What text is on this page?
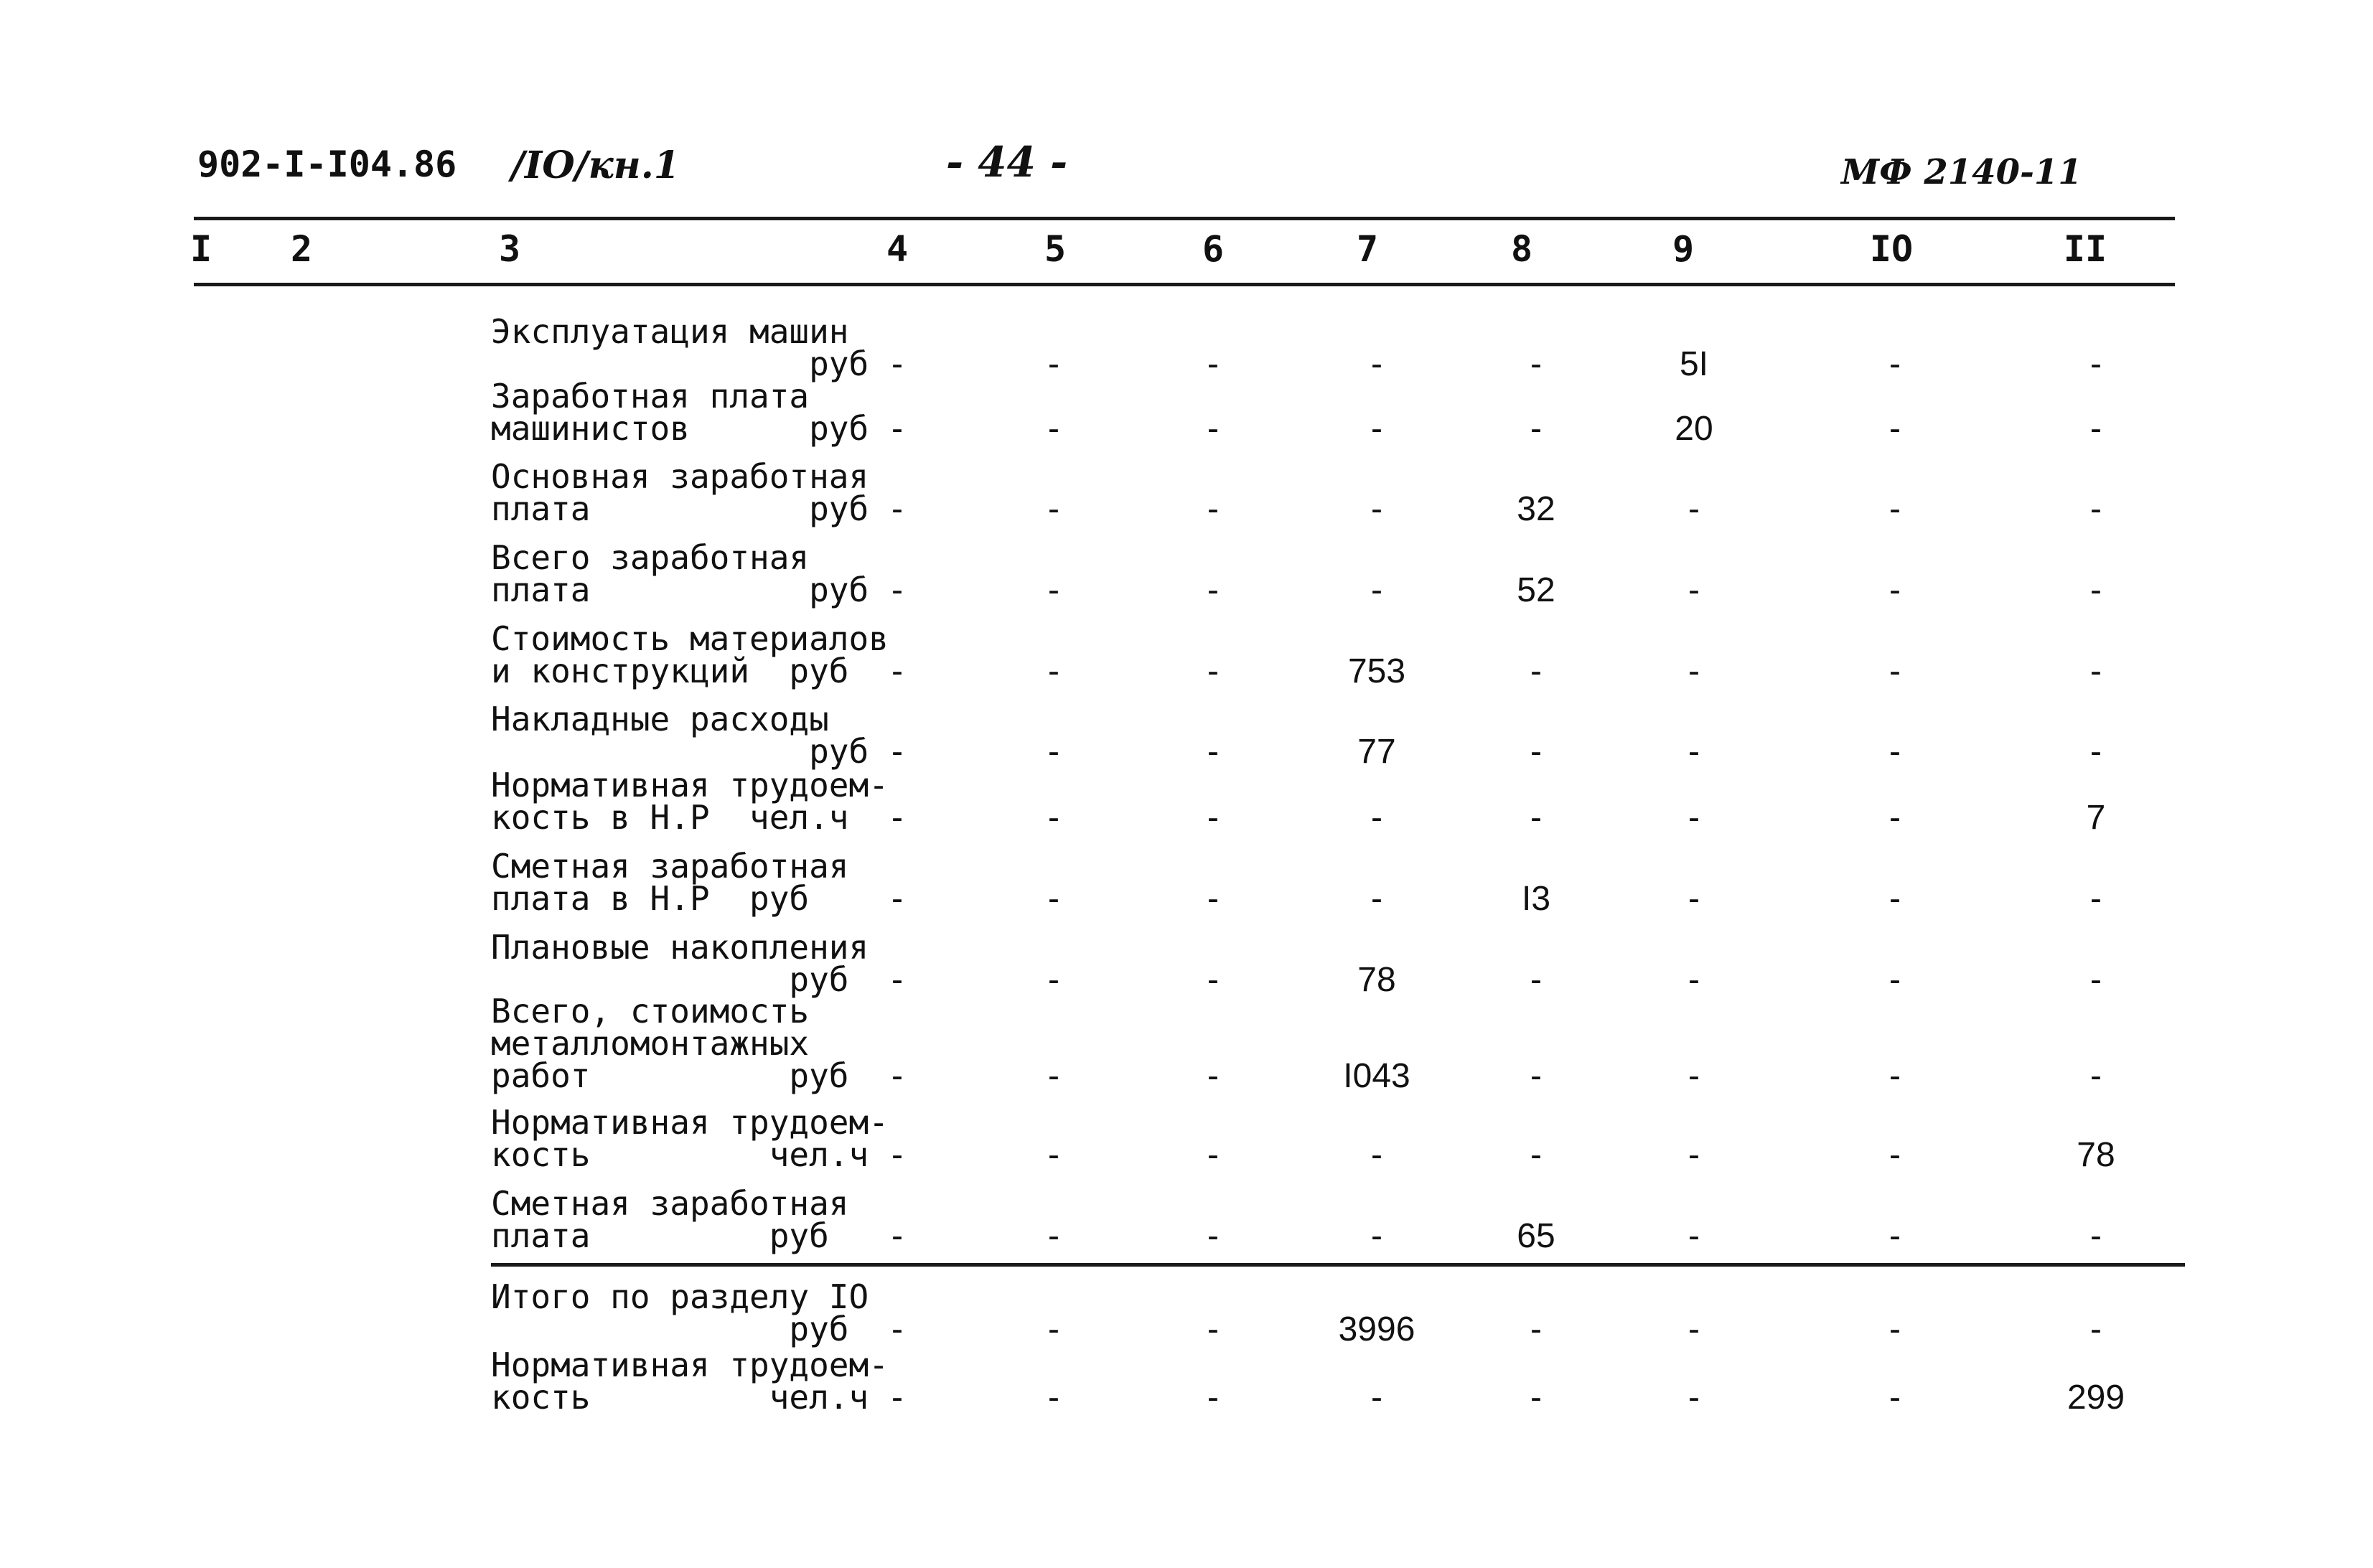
902-I-I04.86 /IO/кн.1	- 44 -	МФ 2140-11
I	2	3	4	5	6	7	8	9	IO	II
Эксплуатация машин
руб -	-	-	-	-	5I	-	-
Заработная плата
машинистов      руб -	-	-	-	-	20	-	-
Основная заработная
плата           руб -	-	-	-	32	-	-	-
Всего заработная
плата           руб -	-	-	-	52	-	-	-
Стоимость материалов
и конструкций  руб	-	-	-	753	-	-	-	-
Накладные расходы
руб -	-	-	77	-	-	-	-
Нормативная трудоем-
кость в Н.Р  чел.ч	-	-	-	-	-	-	-	7
Сметная заработная
плата в Н.Р  руб	-	-	-	-	I3	-	-	-
Плановые накопления
руб	-	-	-	78	-	-	-	-
Всего, стоимость
металломонтажных
работ          руб	-	-	-	I043	-	-	-	-
Нормативная трудоем-
кость         чел.ч -	-	-	-	-	-	-	78
Сметная заработная
плата         руб	-	-	-	-	65	-	-	-
Итого по разделу IO
руб	-	-	-	3996	-	-	-	-
Нормативная трудоем-
кость         чел.ч -	-	-	-	-	-	-	299
